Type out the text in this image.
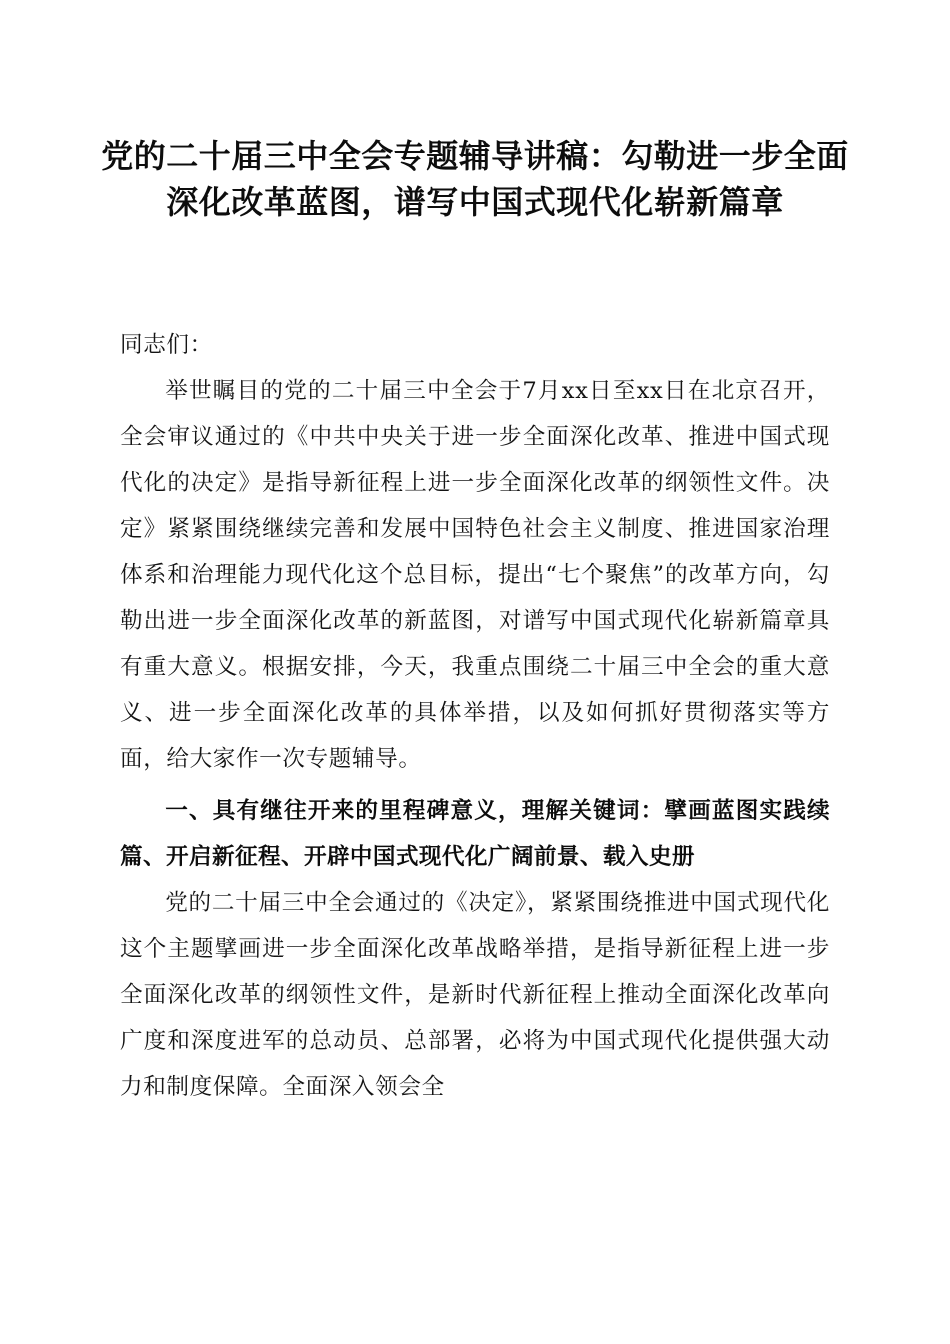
党的二十届三中全会专题辅导讲稿：勾勒进一步全面深化改革蓝图，谱写中国式现代化崭新篇章

同志们：

举世瞩目的党的二十届三中全会于7月xx日至xx日在北京召开，全会审议通过的《中共中央关于进一步全面深化改革、推进中国式现代化的决定》是指导新征程上进一步全面深化改革的纲领性文件。决定》紧紧围绕继续完善和发展中国特色社会主义制度、推进国家治理体系和治理能力现代化这个总目标，提出“七个聚焦”的改革方向，勾勒出进一步全面深化改革的新蓝图，对谱写中国式现代化崭新篇章具有重大意义。根据安排，今天，我重点围绕二十届三中全会的重大意义、进一步全面深化改革的具体举措，以及如何抓好贯彻落实等方面，给大家作一次专题辅导。

一、具有继往开来的里程碑意义，理解关键词：擘画蓝图实践续篇、开启新征程、开辟中国式现代化广阔前景、载入史册

党的二十届三中全会通过的《决定》，紧紧围绕推进中国式现代化这个主题擘画进一步全面深化改革战略举措，是指导新征程上进一步全面深化改革的纲领性文件，是新时代新征程上推动全面深化改革向广度和深度进军的总动员、总部署，必将为中国式现代化提供强大动力和制度保障。全面深入领会全
